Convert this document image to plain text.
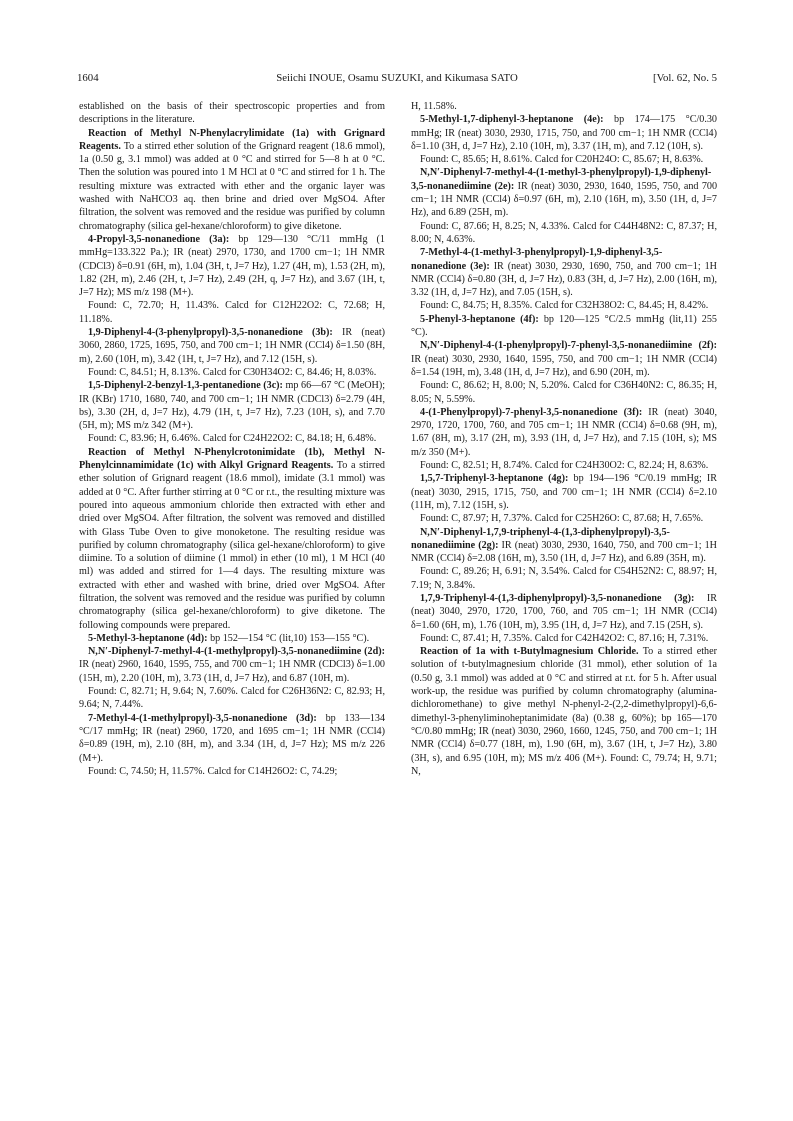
1604	Seiichi INOUE, Osamu SUZUKI, and Kikumasa SATO	[Vol. 62, No. 5

established on the basis of their spectroscopic properties and from descriptions in the literature.

Reaction of Methyl N-Phenylacrylimidate (1a) with Grignard Reagents. To a stirred ether solution of the Grignard reagent (18.6 mmol), 1a (0.50 g, 3.1 mmol) was added at 0 °C and stirred for 5—8 h at 0 °C. Then the solution was poured into 1 M HCl at 0 °C and stirred for 1 h. The resulting mixture was extracted with ether and the organic layer was washed with NaHCO3 aq. then brine and dried over MgSO4. After filtration, the solvent was removed and the residue was purified by column chromatography (silica gel-hexane/chloroform) to give diketone.

4-Propyl-3,5-nonanedione (3a): bp 129—130 °C/11 mmHg (1 mmHg=133.322 Pa.); IR (neat) 2970, 1730, and 1700 cm−1; 1H NMR (CDCl3) δ=0.91 (6H, m), 1.04 (3H, t, J=7 Hz), 1.27 (4H, m), 1.53 (2H, m), 1.82 (2H, m), 2.46 (2H, t, J=7 Hz), 2.49 (2H, q, J=7 Hz), and 3.67 (1H, t, J=7 Hz); MS m/z 198 (M+).

Found: C, 72.70; H, 11.43%. Calcd for C12H22O2: C, 72.68; H, 11.18%.

1,9-Diphenyl-4-(3-phenylpropyl)-3,5-nonanedione (3b): IR (neat) 3060, 2860, 1725, 1695, 750, and 700 cm−1; 1H NMR (CCl4) δ=1.50 (8H, m), 2.60 (10H, m), 3.42 (1H, t, J=7 Hz), and 7.12 (15H, s).

Found: C, 84.51; H, 8.13%. Calcd for C30H34O2: C, 84.46; H, 8.03%.

1,5-Diphenyl-2-benzyl-1,3-pentanedione (3c): mp 66—67 °C (MeOH); IR (KBr) 1710, 1680, 740, and 700 cm−1; 1H NMR (CDCl3) δ=2.79 (4H, bs), 3.30 (2H, d, J=7 Hz), 4.79 (1H, t, J=7 Hz), 7.23 (10H, s), and 7.70 (5H, m); MS m/z 342 (M+).

Found: C, 83.96; H, 6.46%. Calcd for C24H22O2: C, 84.18; H, 6.48%.

Reaction of Methyl N-Phenylcrotonimidate (1b), Methyl N-Phenylcinnamimidate (1c) with Alkyl Grignard Reagents. To a stirred ether solution of Grignard reagent (18.6 mmol), imidate (3.1 mmol) was added at 0 °C. After further stirring at 0 °C or r.t., the resulting mixture was poured into aqueous ammonium chloride then extracted with ether and dried over MgSO4. After filtration, the solvent was removed and distilled with Glass Tube Oven to give monoketone. The resulting residue was purified by column chromatography (silica gel-hexane/chloroform) to give diimine. To a solution of diimine (1 mmol) in ether (10 ml), 1 M HCl (40 ml) was added and stirred for 1—4 days. The resulting mixture was extracted with ether and washed with brine, dried over MgSO4. After filtration, the solvent was removed and the residue was purified by column chromatography (silica gel-hexane/chloroform) to give diketone. The following compounds were prepared.

5-Methyl-3-heptanone (4d): bp 152—154 °C (lit,10) 153—155 °C).

N,N′-Diphenyl-7-methyl-4-(1-methylpropyl)-3,5-nonanediimine (2d): IR (neat) 2960, 1640, 1595, 755, and 700 cm−1; 1H NMR (CDCl3) δ=1.00 (15H, m), 2.20 (10H, m), 3.73 (1H, d, J=7 Hz), and 6.87 (10H, m).

Found: C, 82.71; H, 9.64; N, 7.60%. Calcd for C26H36N2: C, 82.93; H, 9.64; N, 7.44%.

7-Methyl-4-(1-methylpropyl)-3,5-nonanedione (3d): bp 133—134 °C/17 mmHg; IR (neat) 2960, 1720, and 1695 cm−1; 1H NMR (CCl4) δ=0.89 (19H, m), 2.10 (8H, m), and 3.34 (1H, d, J=7 Hz); MS m/z 226 (M+).

Found: C, 74.50; H, 11.57%. Calcd for C14H26O2: C, 74.29;

H, 11.58%.

5-Methyl-1,7-diphenyl-3-heptanone (4e): bp 174—175 °C/0.30 mmHg; IR (neat) 3030, 2930, 1715, 750, and 700 cm−1; 1H NMR (CCl4) δ=1.10 (3H, d, J=7 Hz), 2.10 (10H, m), 3.37 (1H, m), and 7.12 (10H, s).

Found: C, 85.65; H, 8.61%. Calcd for C20H24O: C, 85.67; H, 8.63%.

N,N′-Diphenyl-7-methyl-4-(1-methyl-3-phenylpropyl)-1,9-diphenyl-3,5-nonanediimine (2e): IR (neat) 3030, 2930, 1640, 1595, 750, and 700 cm−1; 1H NMR (CCl4) δ=0.97 (6H, m), 2.10 (16H, m), 3.50 (1H, d, J=7 Hz), and 6.89 (25H, m).

Found: C, 87.66; H, 8.25; N, 4.33%. Calcd for C44H48N2: C, 87.37; H, 8.00; N, 4.63%.

7-Methyl-4-(1-methyl-3-phenylpropyl)-1,9-diphenyl-3,5-nonanedione (3e): IR (neat) 3030, 2930, 1690, 750, and 700 cm−1; 1H NMR (CCl4) δ=0.80 (3H, d, J=7 Hz), 0.83 (3H, d, J=7 Hz), 2.00 (16H, m), 3.32 (1H, d, J=7 Hz), and 7.05 (15H, s).

Found: C, 84.75; H, 8.35%. Calcd for C32H38O2: C, 84.45; H, 8.42%.

5-Phenyl-3-heptanone (4f): bp 120—125 °C/2.5 mmHg (lit,11) 255 °C).

N,N′-Diphenyl-4-(1-phenylpropyl)-7-phenyl-3,5-nonanediimine (2f): IR (neat) 3030, 2930, 1640, 1595, 750, and 700 cm−1; 1H NMR (CCl4) δ=1.54 (19H, m), 3.48 (1H, d, J=7 Hz), and 6.90 (20H, m).

Found: C, 86.62; H, 8.00; N, 5.20%. Calcd for C36H40N2: C, 86.35; H, 8.05; N, 5.59%.

4-(1-Phenylpropyl)-7-phenyl-3,5-nonanedione (3f): IR (neat) 3040, 2970, 1720, 1700, 760, and 705 cm−1; 1H NMR (CCl4) δ=0.68 (9H, m), 1.67 (8H, m), 3.17 (2H, m), 3.93 (1H, d, J=7 Hz), and 7.15 (10H, s); MS m/z 350 (M+).

Found: C, 82.51; H, 8.74%. Calcd for C24H30O2: C, 82.24; H, 8.63%.

1,5,7-Triphenyl-3-heptanone (4g): bp 194—196 °C/0.19 mmHg; IR (neat) 3030, 2915, 1715, 750, and 700 cm−1; 1H NMR (CCl4) δ=2.10 (11H, m), 7.12 (15H, s).

Found: C, 87.97; H, 7.37%. Calcd for C25H26O: C, 87.68; H, 7.65%.

N,N′-Diphenyl-1,7,9-triphenyl-4-(1,3-diphenylpropyl)-3,5-nonanediimine (2g): IR (neat) 3030, 2930, 1640, 750, and 700 cm−1; 1H NMR (CCl4) δ=2.08 (16H, m), 3.50 (1H, d, J=7 Hz), and 6.89 (35H, m).

Found: C, 89.26; H, 6.91; N, 3.54%. Calcd for C54H52N2: C, 88.97; H, 7.19; N, 3.84%.

1,7,9-Triphenyl-4-(1,3-diphenylpropyl)-3,5-nonanedione (3g): IR (neat) 3040, 2970, 1720, 1700, 760, and 705 cm−1; 1H NMR (CCl4) δ=1.60 (6H, m), 1.76 (10H, m), 3.95 (1H, d, J=7 Hz), and 7.15 (25H, s).

Found: C, 87.41; H, 7.35%. Calcd for C42H42O2: C, 87.16; H, 7.31%.

Reaction of 1a with t-Butylmagnesium Chloride. To a stirred ether solution of t-butylmagnesium chloride (31 mmol), ether solution of 1a (0.50 g, 3.1 mmol) was added at 0 °C and stirred at r.t. for 5 h. After usual work-up, the residue was purified by column chromatography (alumina-dichloromethane) to give methyl N-phenyl-2-(2,2-dimethylpropyl)-6,6-dimethyl-3-phenyliminoheptanimidate (8a) (0.38 g, 60%); bp 165—170 °C/0.80 mmHg; IR (neat) 3030, 2960, 1660, 1245, 750, and 700 cm−1; 1H NMR (CCl4) δ=0.77 (18H, m), 1.90 (6H, m), 3.67 (1H, t, J=7 Hz), 3.80 (3H, s), and 6.95 (10H, m); MS m/z 406 (M+). Found: C, 79.74; H, 9.71; N,
